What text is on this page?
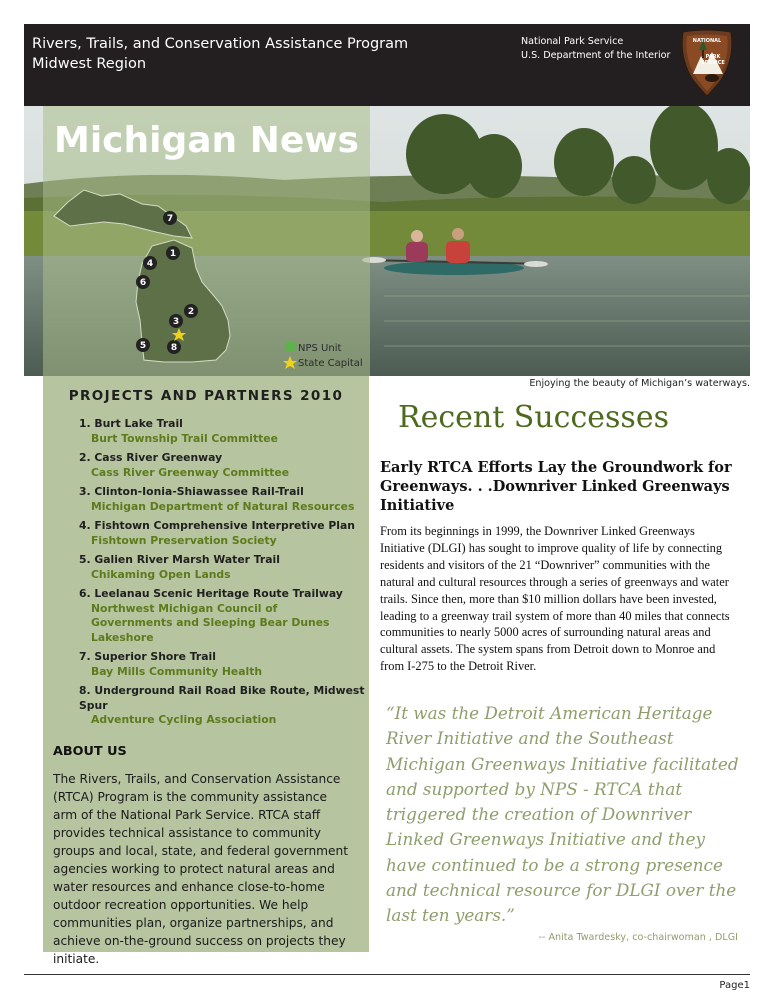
Rivers, Trails, and Conservation Assistance Program
Midwest Region
National Park Service
U.S. Department of the Interior
NATIONAL
PARK
SERVICE
Michigan News
7
1
4
6
2
3
5	8	NPS Unit
State Capital
Enjoying the beauty of Michigan’s waterways.
PROJECTS AND PARTNERS 2010
1. Burt Lake Trail
Burt Township Trail Committee
2. Cass River Greenway
Cass River Greenway Committee
3. Clinton-Ionia-Shiawassee Rail-Trail
Michigan Department of Natural Resources
4. Fishtown Comprehensive Interpretive Plan
Fishtown Preservation Society
5. Galien River Marsh Water Trail
Chikaming Open Lands
6. Leelanau Scenic Heritage Route Trailway
Northwest Michigan Council of Governments and Sleeping Bear Dunes Lakeshore
7. Superior Shore Trail
Bay Mills Community Health
8. Underground Rail Road Bike Route, Midwest Spur
Adventure Cycling Association
ABOUT US
The Rivers, Trails, and Conservation Assistance (RTCA) Program is the community assistance arm of the National Park Service. RTCA staff provides technical assistance to community groups and local, state, and federal government agencies working to protect natural areas and water resources and enhance close-to-home outdoor recreation opportunities. We help communities plan, organize partnerships, and achieve on-the-ground success on projects they initiate.
Recent Successes
Early RTCA Efforts Lay the Groundwork for Greenways. . .Downriver Linked Greenways Initiative
From its beginnings in 1999, the Downriver Linked Greenways Initiative (DLGI) has sought to improve quality of life by connecting residents and visitors of the 21 “Downriver” communities with the natural and cultural resources through a series of greenways and water trails. Since then, more than $10 million dollars have been invested, leading to a greenway trail system of more than 40 miles that connects communities to nearly 5000 acres of surrounding natural areas and cultural assets. The system spans from Detroit down to Monroe and from I-275 to the Detroit River.
“It was the Detroit American Heritage River Initiative and the Southeast Michigan Greenways Initiative facilitated and supported by NPS - RTCA that triggered the creation of Downriver Linked Greenways Initiative and they have continued to be a strong presence and technical resource for DLGI over the last ten years.”
-- Anita Twardesky, co-chairwoman , DLGI
Page1
